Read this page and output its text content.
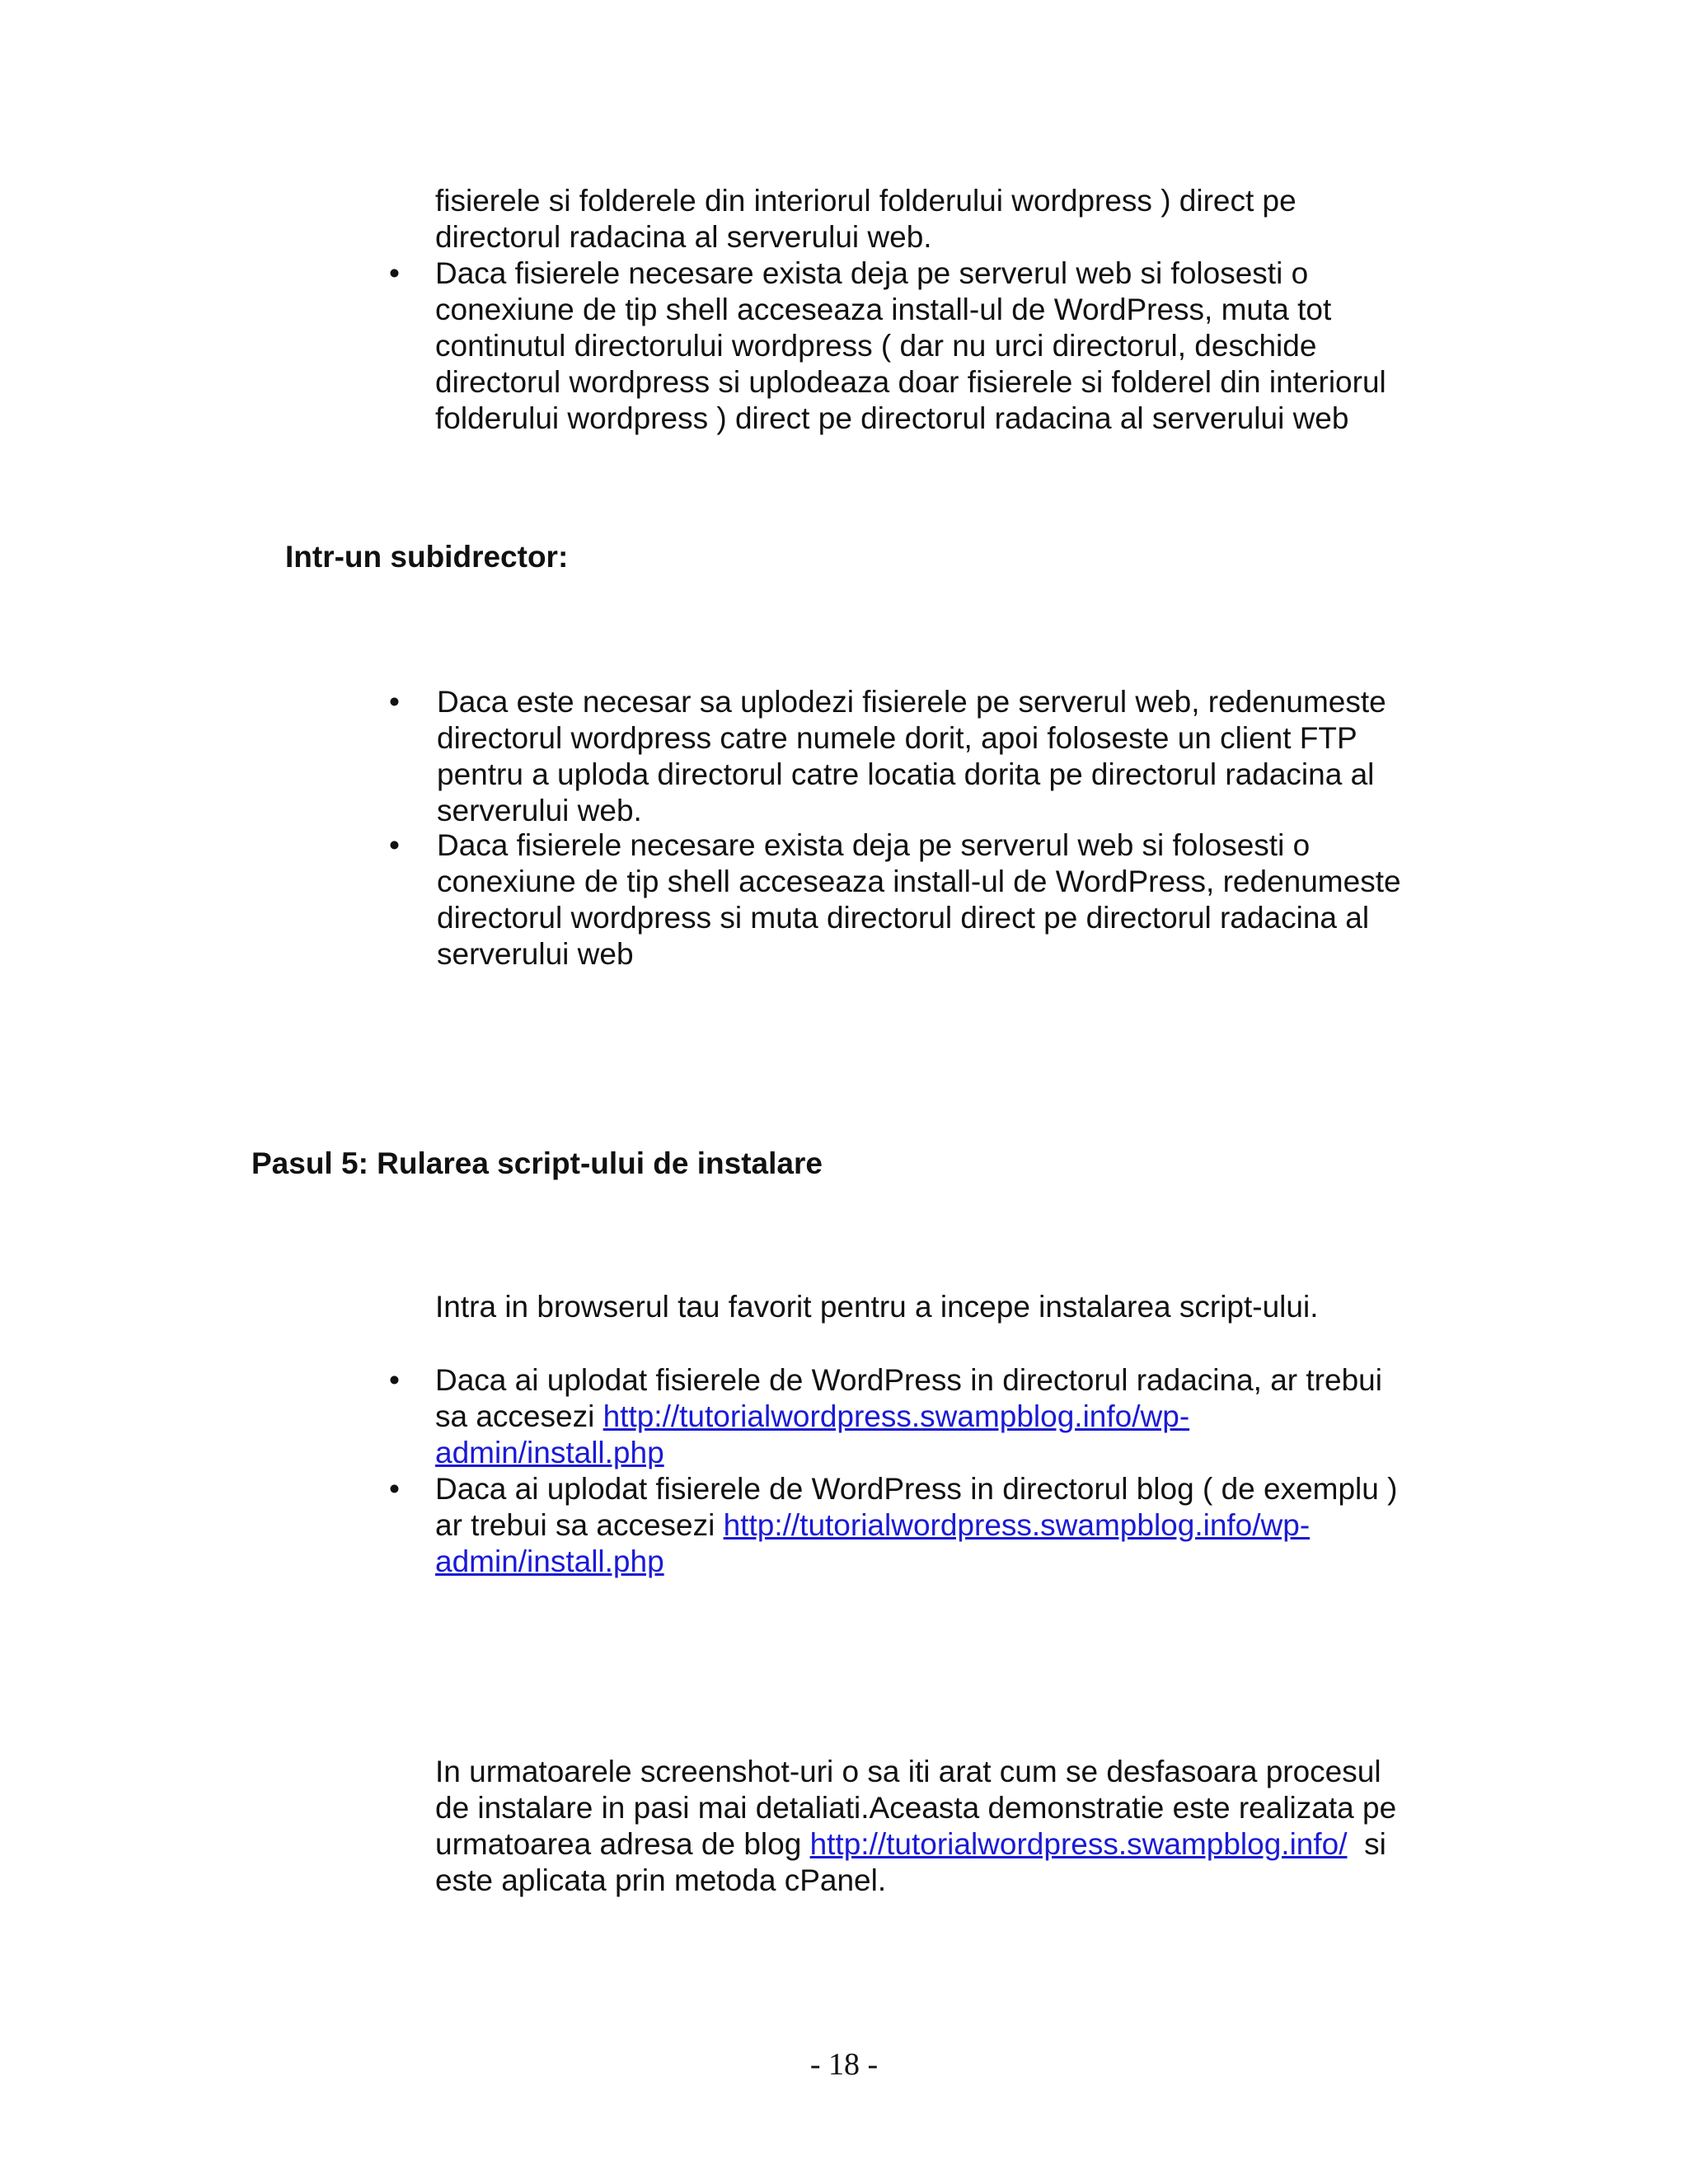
fisierele si folderele din interiorul folderului wordpress ) direct pe
directorul radacina al serverului web.
• Daca fisierele necesare exista deja pe serverul web si folosesti o
conexiune de tip shell acceseaza install-ul de WordPress, muta tot
continutul directorului wordpress ( dar nu urci directorul, deschide
directorul wordpress si uplodeaza doar fisierele si folderel din interiorul
folderului wordpress ) direct pe directorul radacina al serverului web
Intr-un subidrector:
• Daca este necesar sa uplodezi fisierele pe serverul web, redenumeste
directorul wordpress catre numele dorit, apoi foloseste un client FTP
pentru a uploda directorul catre locatia dorita pe directorul radacina al
serverului web.
• Daca fisierele necesare exista deja pe serverul web si folosesti o
conexiune de tip shell acceseaza install-ul de WordPress, redenumeste
directorul wordpress si muta directorul direct pe directorul radacina al
serverului web
Pasul 5: Rularea script-ului de instalare
Intra in browserul tau favorit pentru a incepe instalarea script-ului.
• Daca ai uplodat fisierele de WordPress in directorul radacina, ar trebui
sa accesezi http://tutorialwordpress.swampblog.info/wp-
admin/install.php
• Daca ai uplodat fisierele de WordPress in directorul blog ( de exemplu )
ar trebui sa accesezi http://tutorialwordpress.swampblog.info/wp-
admin/install.php
In urmatoarele screenshot-uri o sa iti arat cum se desfasoara procesul
de instalare in pasi mai detaliati.Aceasta demonstratie este realizata pe
urmatoarea adresa de blog http://tutorialwordpress.swampblog.info/  si
este aplicata prin metoda cPanel.
- 18 -
